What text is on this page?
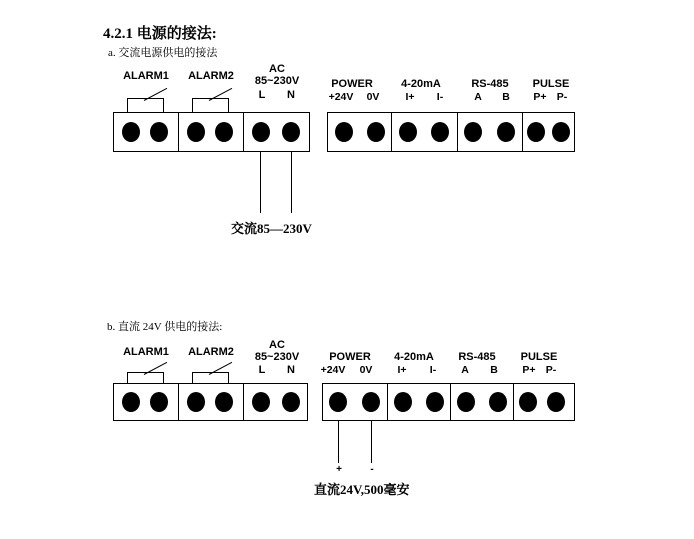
4.2.1 电源的接法:
a. 交流电源供电的接法
ALARM1 ALARM2
AC
85~230V
L N
POWER
+24V 0V
4-20mA
I+ I-
RS-485
A B
PULSE
P+ P-
交流85—230V
b. 直流 24V 供电的接法:
ALARM1 ALARM2
AC
85~230V
L N
POWER
+24V 0V
4-20mA
I+ I-
RS-485
A B
PULSE
P+ P-
+	-
直流24V,500毫安
